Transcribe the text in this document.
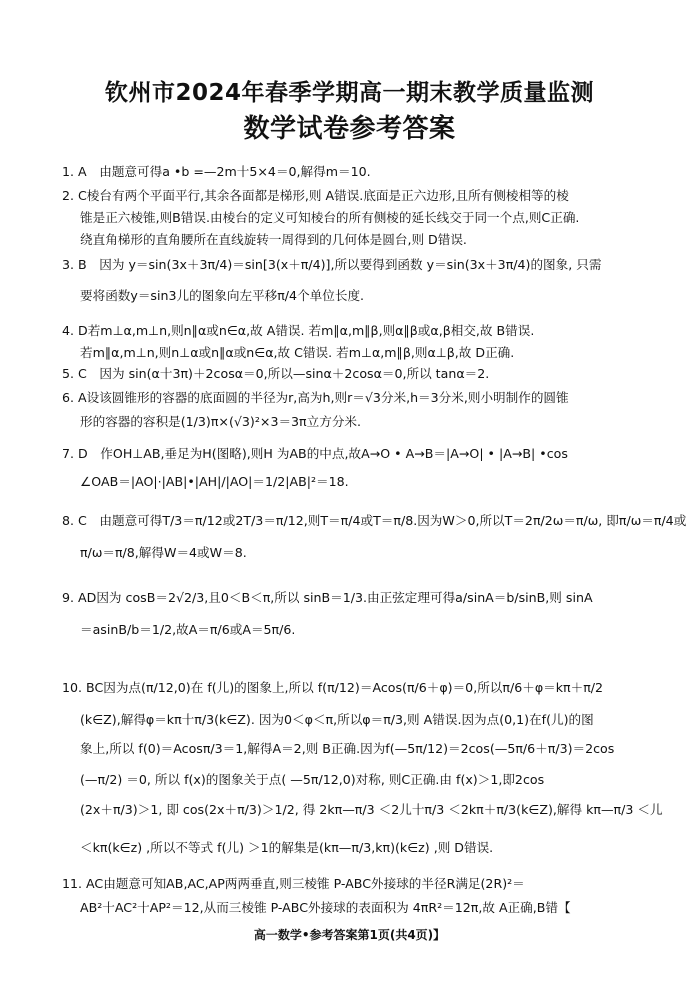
钦州市2024年春季学期高一期末教学质量监测
数学试卷参考答案
1. A　由题意可得a •b =—2m十5×4＝0,解得m＝10.
2. C棱台有两个平面平行,其余各面都是梯形,则 A错误.底面是正六边形,且所有侧棱相等的棱
锥是正六棱锥,则B错误.由棱台的定义可知棱台的所有侧棱的延长线交于同一个点,则C正确.
绕直角梯形的直角腰所在直线旋转一周得到的几何体是圆台,则 D错误.
3. B　因为 y＝sin(3x＋3π/4)＝sin[3(x＋π/4)],所以要得到函数 y＝sin(3x＋3π/4)的图象, 只需
要将函数y＝sin3儿的图象向左平移π/4个单位长度.
4. D若m⊥α,m⊥n,则n∥α或n∈α,故 A错误. 若m∥α,m∥β,则α∥β或α,β相交,故 B错误.
若m∥α,m⊥n,则n⊥α或n∥α或n∈α,故 C错误. 若m⊥α,m∥β,则α⊥β,故 D正确.
5. C　因为 sin(α十3π)＋2cosα＝0,所以—sinα＋2cosα＝0,所以 tanα＝2.
6. A设该圆锥形的容器的底面圆的半径为r,高为h,则r＝√3分米,h＝3分米,则小明制作的圆锥
形的容器的容积是(1/3)π×(√3)²×3＝3π立方分米.
7. D　作OH⊥AB,垂足为H(图略),则H 为AB的中点,故A→O • A→B＝|A→O| • |A→B| •cos
∠OAB＝|AO|·|AB|•|AH|/|AO|＝1/2|AB|²＝18.
8. C　由题意可得T/3＝π/12或2T/3＝π/12,则T＝π/4或T＝π/8.因为W＞0,所以T＝2π/2ω＝π/ω, 即π/ω＝π/4或
π/ω＝π/8,解得W＝4或W＝8.
9. AD因为 cosB＝2√2/3,且0＜B＜π,所以 sinB＝1/3.由正弦定理可得a/sinA＝b/sinB,则 sinA
＝asinB/b＝1/2,故A＝π/6或A＝5π/6.
10. BC因为点(π/12,0)在 f(儿)的图象上,所以 f(π/12)＝Acos(π/6＋φ)＝0,所以π/6＋φ＝kπ＋π/2
(k∈Z),解得φ＝kπ十π/3(k∈Z). 因为0＜φ＜π,所以φ＝π/3,则 A错误.因为点(0,1)在f(儿)的图
象上,所以 f(0)＝Acosπ/3＝1,解得A＝2,则 B正确.因为f(—5π/12)＝2cos(—5π/6＋π/3)＝2cos
(—π/2) ＝0, 所以 f(x)的图象关于点( —5π/12,0)对称, 则C正确.由 f(x)＞1,即2cos
(2x＋π/3)＞1, 即 cos(2x＋π/3)＞1/2, 得 2kπ—π/3 ＜2儿十π/3 ＜2kπ＋π/3(k∈Z),解得 kπ—π/3 ＜儿
＜kπ(k∈z) ,所以不等式 f(儿) ＞1的解集是(kπ—π/3,kπ)(k∈z) ,则 D错误.
11. AC由题意可知AB,AC,AP两两垂直,则三棱锥 P-ABC外接球的半径R满足(2R)²＝
AB²十AC²十AP²＝12,从而三棱锥 P-ABC外接球的表面积为 4πR²＝12π,故 A正确,B错【
高一数学•参考答案第1页(共4页)】
